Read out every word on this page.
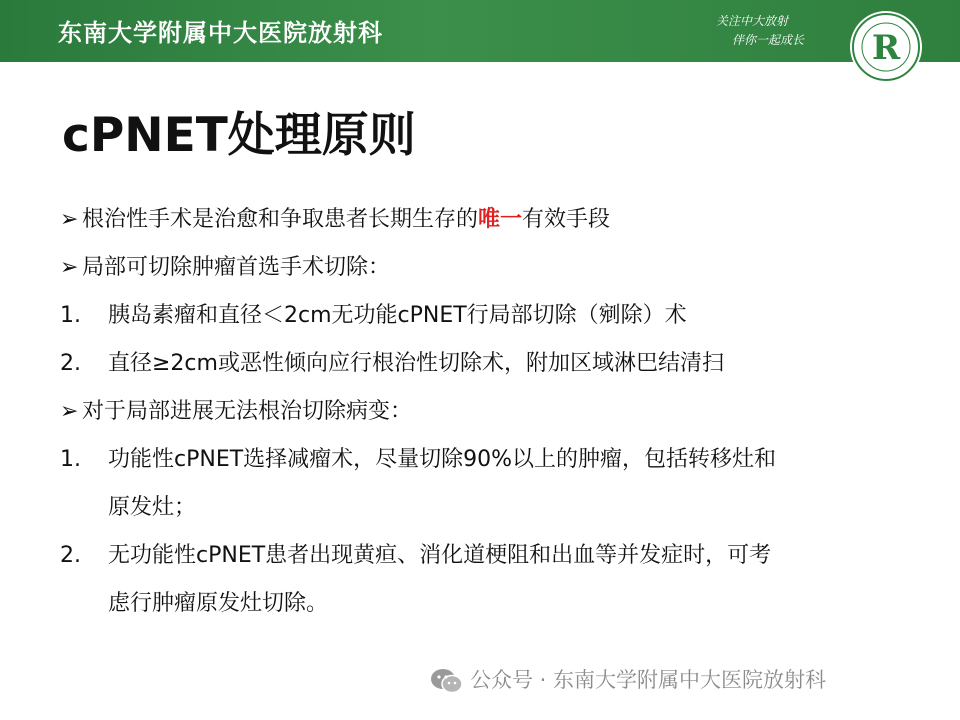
东南大学附属中大医院放射科	关注中大放射
伴你一起成长	R
cPNET处理原则
➢ 根治性手术是治愈和争取患者长期生存的唯一有效手段
➢ 局部可切除肿瘤首选手术切除：
1. 胰岛素瘤和直径＜2cm无功能cPNET行局部切除（剜除）术
2. 直径≥2cm或恶性倾向应行根治性切除术，附加区域淋巴结清扫
➢ 对于局部进展无法根治切除病变：
1. 功能性cPNET选择减瘤术，尽量切除90%以上的肿瘤，包括转移灶和
原发灶；
2. 无功能性cPNET患者出现黄疸、消化道梗阻和出血等并发症时，可考
虑行肿瘤原发灶切除。
公众号 · 东南大学附属中大医院放射科
